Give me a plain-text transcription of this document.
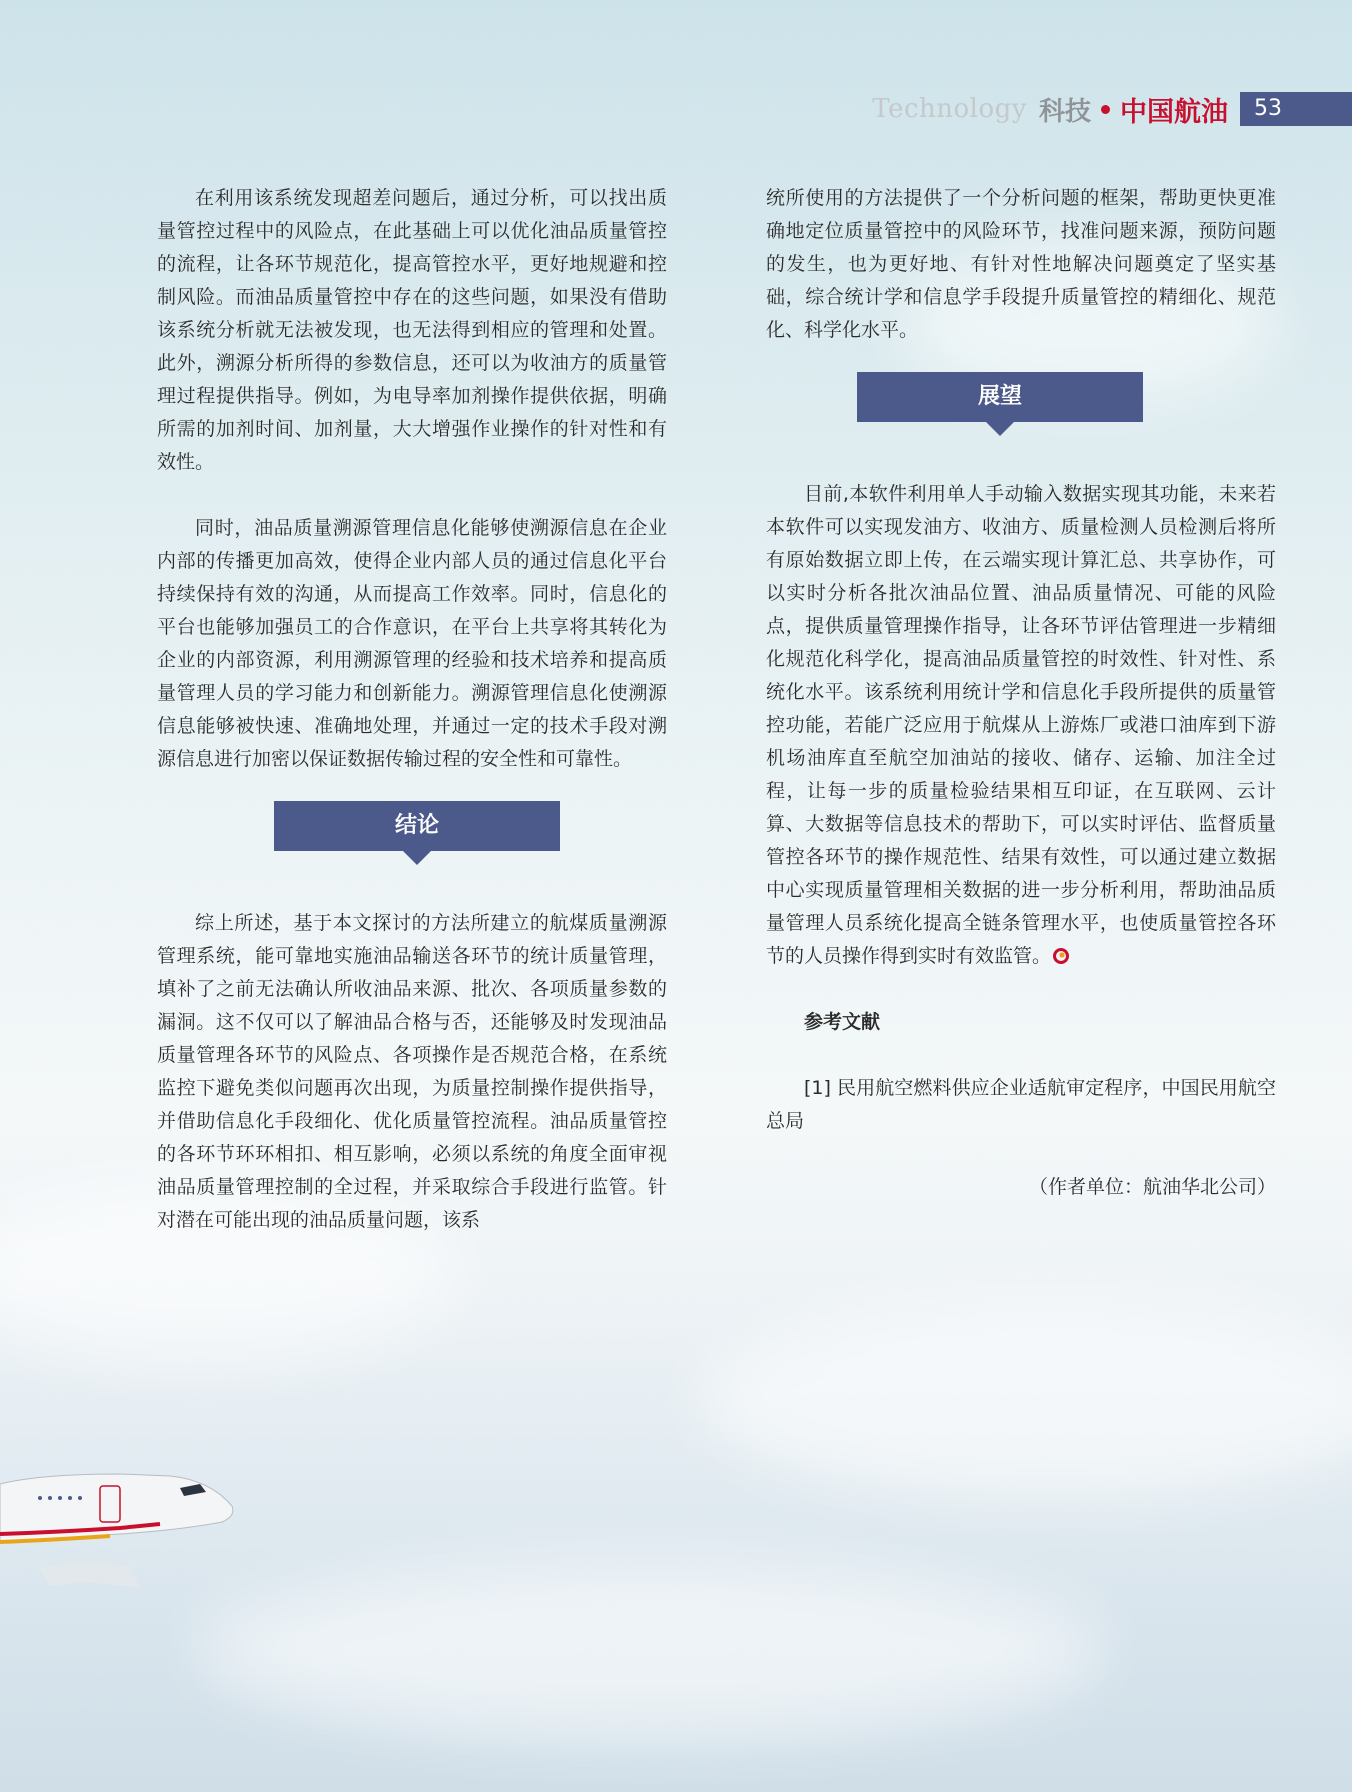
Technology 科技 中国航油	53

在利用该系统发现超差问题后，通过分析，可以找出质量管控过程中的风险点，在此基础上可以优化油品质量管控的流程，让各环节规范化，提高管控水平，更好地规避和控制风险。而油品质量管控中存在的这些问题，如果没有借助该系统分析就无法被发现，也无法得到相应的管理和处置。此外，溯源分析所得的参数信息，还可以为收油方的质量管理过程提供指导。例如，为电导率加剂操作提供依据，明确所需的加剂时间、加剂量，大大增强作业操作的针对性和有效性。

同时，油品质量溯源管理信息化能够使溯源信息在企业内部的传播更加高效，使得企业内部人员的通过信息化平台持续保持有效的沟通，从而提高工作效率。同时，信息化的平台也能够加强员工的合作意识，在平台上共享将其转化为企业的内部资源，利用溯源管理的经验和技术培养和提高质量管理人员的学习能力和创新能力。溯源管理信息化使溯源信息能够被快速、准确地处理，并通过一定的技术手段对溯源信息进行加密以保证数据传输过程的安全性和可靠性。

结论

综上所述，基于本文探讨的方法所建立的航煤质量溯源管理系统，能可靠地实施油品输送各环节的统计质量管理，填补了之前无法确认所收油品来源、批次、各项质量参数的漏洞。这不仅可以了解油品合格与否，还能够及时发现油品质量管理各环节的风险点、各项操作是否规范合格，在系统监控下避免类似问题再次出现，为质量控制操作提供指导，并借助信息化手段细化、优化质量管控流程。油品质量管控的各环节环环相扣、相互影响，必须以系统的角度全面审视油品质量管理控制的全过程，并采取综合手段进行监管。针对潜在可能出现的油品质量问题，该系

统所使用的方法提供了一个分析问题的框架，帮助更快更准确地定位质量管控中的风险环节，找准问题来源，预防问题的发生，也为更好地、有针对性地解决问题奠定了坚实基础，综合统计学和信息学手段提升质量管控的精细化、规范化、科学化水平。

展望

目前,本软件利用单人手动输入数据实现其功能，未来若本软件可以实现发油方、收油方、质量检测人员检测后将所有原始数据立即上传，在云端实现计算汇总、共享协作，可以实时分析各批次油品位置、油品质量情况、可能的风险点，提供质量管理操作指导，让各环节评估管理进一步精细化规范化科学化，提高油品质量管控的时效性、针对性、系统化水平。该系统利用统计学和信息化手段所提供的质量管控功能，若能广泛应用于航煤从上游炼厂或港口油库到下游机场油库直至航空加油站的接收、储存、运输、加注全过程，让每一步的质量检验结果相互印证，在互联网、云计算、大数据等信息技术的帮助下，可以实时评估、监督质量管控各环节的操作规范性、结果有效性，可以通过建立数据中心实现质量管理相关数据的进一步分析利用，帮助油品质量管理人员系统化提高全链条管理水平，也使质量管控各环节的人员操作得到实时有效监管。

参考文献

[1] 民用航空燃料供应企业适航审定程序，中国民用航空总局

（作者单位：航油华北公司）
